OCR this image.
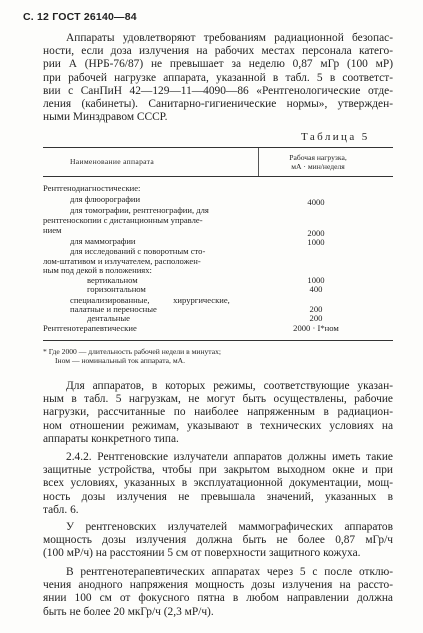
С. 12 ГОСТ 26140—84
Аппараты удовлетворяют требованиям радиационной безопас-
ности, если доза излучения на рабочих местах персонала катего-
рии А (НРБ-76/87) не превышает за неделю 0,87 мГр (100 мР)
при рабочей нагрузке аппарата, указанной в табл. 5 в соответст-
вии с СанПиН 42—129—11—4090—86 «Рентгенологические отде-
ления (кабинеты). Санитарно-гигиенические нормы», утвержден-
ными Минздравом СССР.
Таблица 5
Наименование аппарата	Рабочая нагрузка,
мА · мин/неделя
Рентгенодиагностические:
для флюорографии	4000
для томографии, рентгенографии, для
рентгеноскопии с дистанционным управле-
нием	2000
для маммографии	1000
для исследований с поворотным сто-
лом-штативом и излучателем, расположен-
ным под декой в положениях:
вертикальном	1000
горизонтальном	400
специализированные,           хирургические,
палатные и переносные	200
дентальные	200
Рентгенотерапевтические	2000 · I*ном
* Где 2000 — длительность рабочей недели в минутах;
Iном — номинальный ток аппарата, мА.
Для аппаратов, в которых режимы, соответствующие указан-
ным в табл. 5 нагрузкам, не могут быть осуществлены, рабочие
нагрузки, рассчитанные по наиболее напряженным в радиацион-
ном отношении режимам, указывают в технических условиях на
аппараты конкретного типа.
2.4.2. Рентгеновские излучатели аппаратов должны иметь такие
защитные устройства, чтобы при закрытом выходном окне и при
всех условиях, указанных в эксплуатационной документации, мощ-
ность дозы излучения не превышала значений, указанных в
табл. 6.
У рентгеновских излучателей маммографических аппаратов
мощность дозы излучения должна быть не более 0,87 мГр/ч
(100 мР/ч) на расстоянии 5 см от поверхности защитного кожуха.
В рентгенотерапевтических аппаратах через 5 с после отклю-
чения анодного напряжения мощность дозы излучения на рассто-
янии 100 см от фокусного пятна в любом направлении должна
быть не более 20 мкГр/ч (2,3 мР/ч).
